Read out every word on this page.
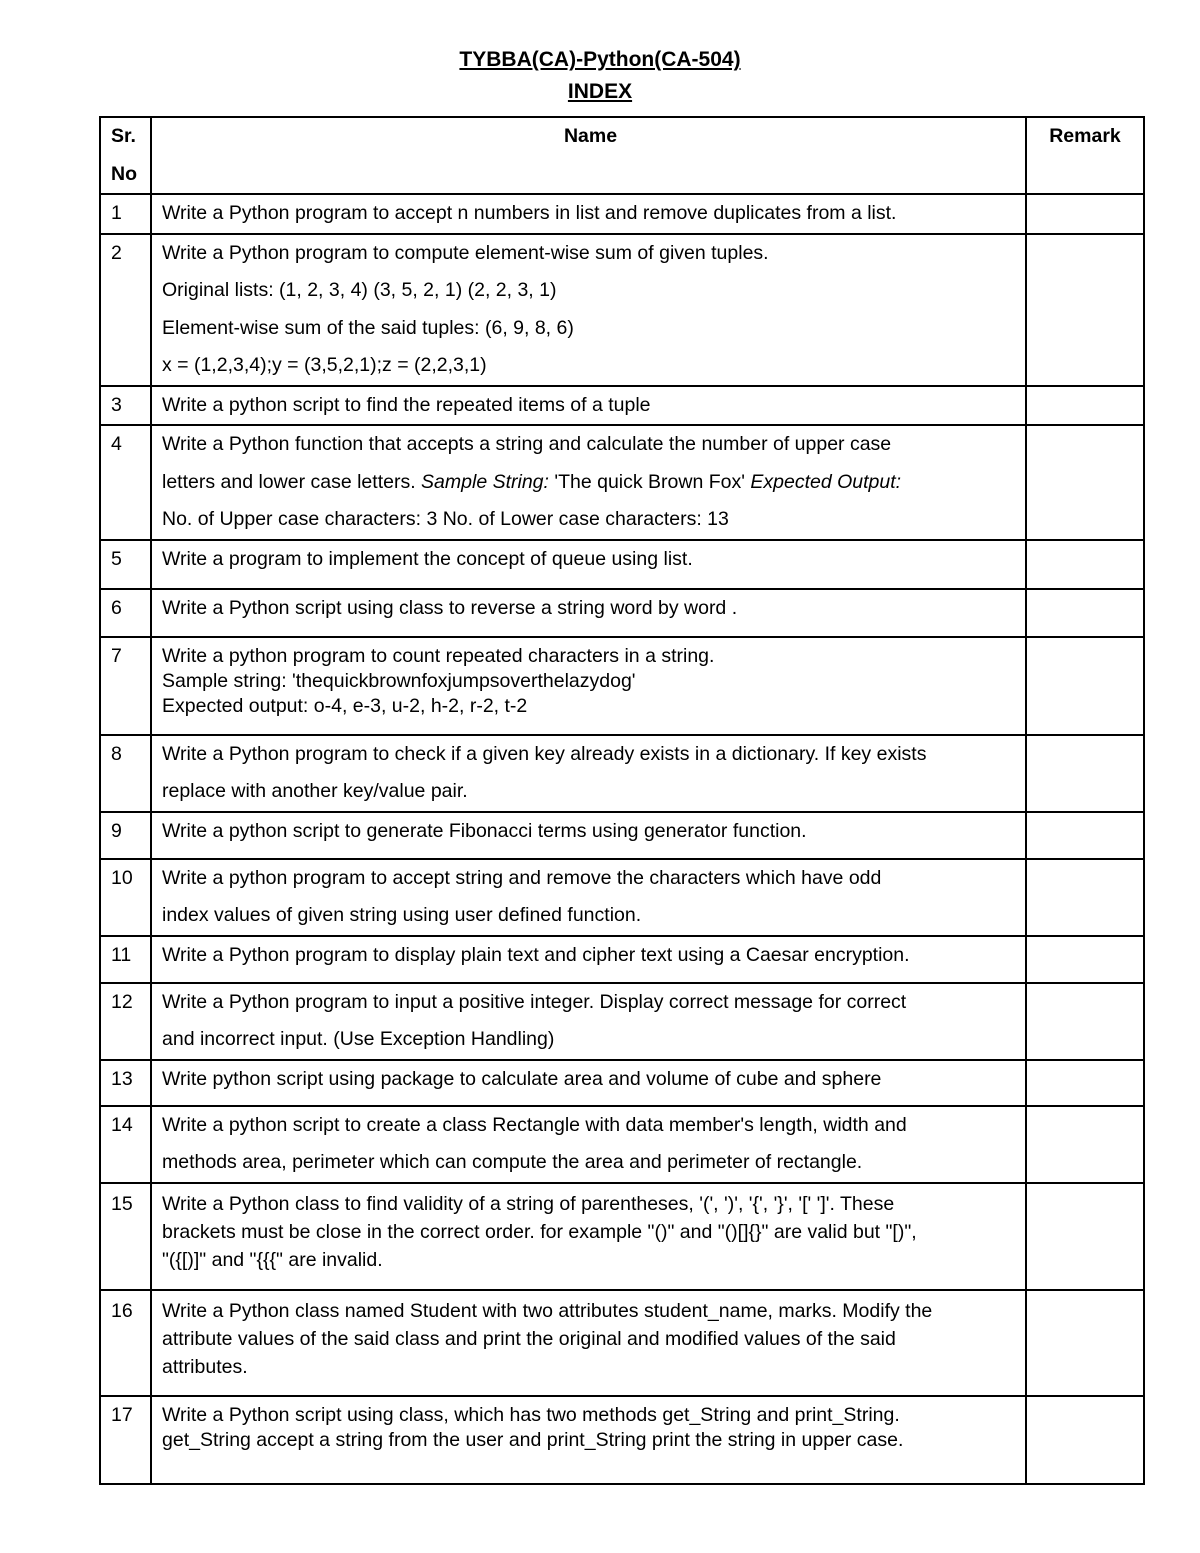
TYBBA(CA)-Python(CA-504)
INDEX
Sr.
No	Name	Remark
1	Write a Python program to accept n numbers in list and remove duplicates from a list.	

2	Write a Python program to compute element-wise sum of given tuples.
Original lists: (1, 2, 3, 4) (3, 5, 2, 1) (2, 2, 3, 1)
Element-wise sum of the said tuples: (6, 9, 8, 6)
x = (1,2,3,4);y = (3,5,2,1);z = (2,2,3,1)	

3	Write a python script to find the repeated items of a tuple	

4	Write a Python function that accepts a string and calculate the number of upper case
letters and lower case letters. Sample String: 'The quick Brown Fox' Expected Output:
No. of Upper case characters: 3 No. of Lower case characters: 13	

5	Write a program to implement the concept of queue using list.	

6	Write a Python script using class to reverse a string word by word .	

7	Write a python program to count repeated characters in a string.
Sample string: 'thequickbrownfoxjumpsoverthelazydog'
Expected output: o-4, e-3, u-2, h-2, r-2, t-2	

8	Write a Python program to check if a given key already exists in a dictionary. If key exists
replace with another key/value pair.	

9	Write a python script to generate Fibonacci terms using generator function.	

10	Write a python program to accept string and remove the characters which have odd
index values of given string using user defined function.	

11	Write a Python program to display plain text and cipher text using a Caesar encryption.	

12	Write a Python program to input a positive integer. Display correct message for correct
and incorrect input. (Use Exception Handling)	

13	Write python script using package to calculate area and volume of cube and sphere	

14	Write a python script to create a class Rectangle with data member's length, width and
methods area, perimeter which can compute the area and perimeter of rectangle.	

15	Write a Python class to find validity of a string of parentheses, '(', ')', '{', '}', '[' ']'. These
brackets must be close in the correct order. for example "()" and "()[]{}" are valid but "[)",
"({[)]" and "{{{" are invalid.	

16	Write a Python class named Student with two attributes student_name, marks. Modify the
attribute values of the said class and print the original and modified values of the said
attributes.	

17	Write a Python script using class, which has two methods get_String and print_String.
get_String accept a string from the user and print_String print the string in upper case.	
